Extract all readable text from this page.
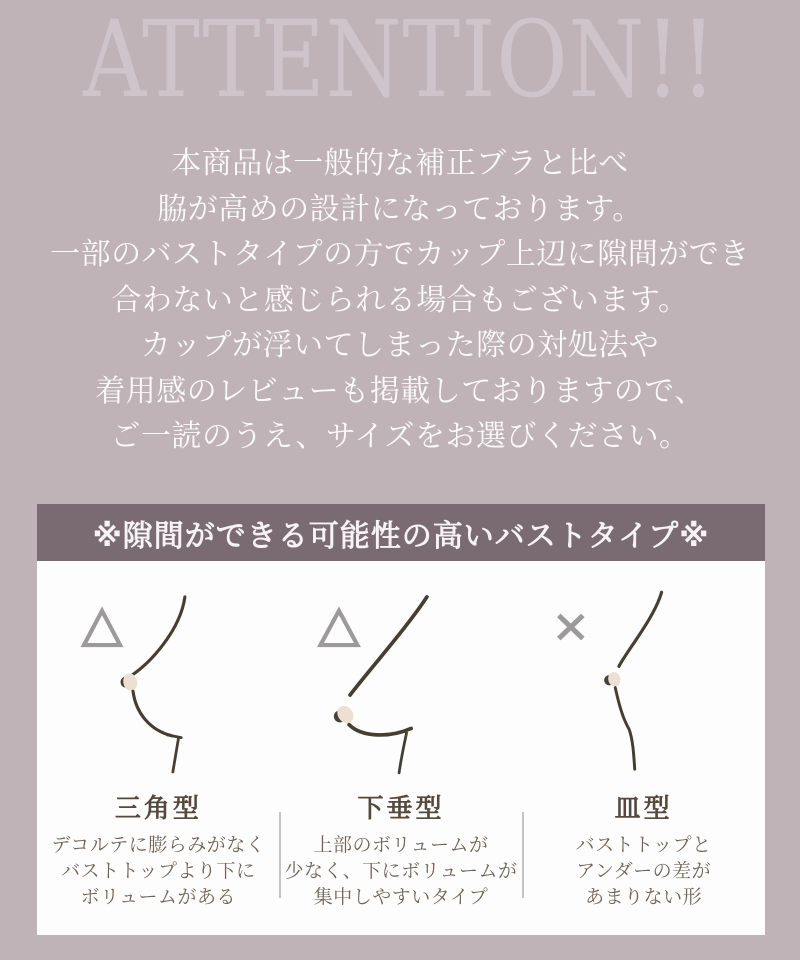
ATTENTION!!

本商品は一般的な補正ブラと比べ

脇が高めの設計になっております。

一部のバストタイプの方でカップ上辺に隙間ができ

合わないと感じられる場合もございます。

カップが浮いてしまった際の対処法や

着用感のレビューも掲載しておりますので、

ご一読のうえ、サイズをお選びください。

※隙間ができる可能性の高いバストタイプ※
三角型

デコルテに膨らみがなく

バストトップより下に

ボリュームがある

下垂型

上部のボリュームが

少なく、下にボリュームが

集中しやすいタイプ

皿型

バストトップと

アンダーの差が

あまりない形
